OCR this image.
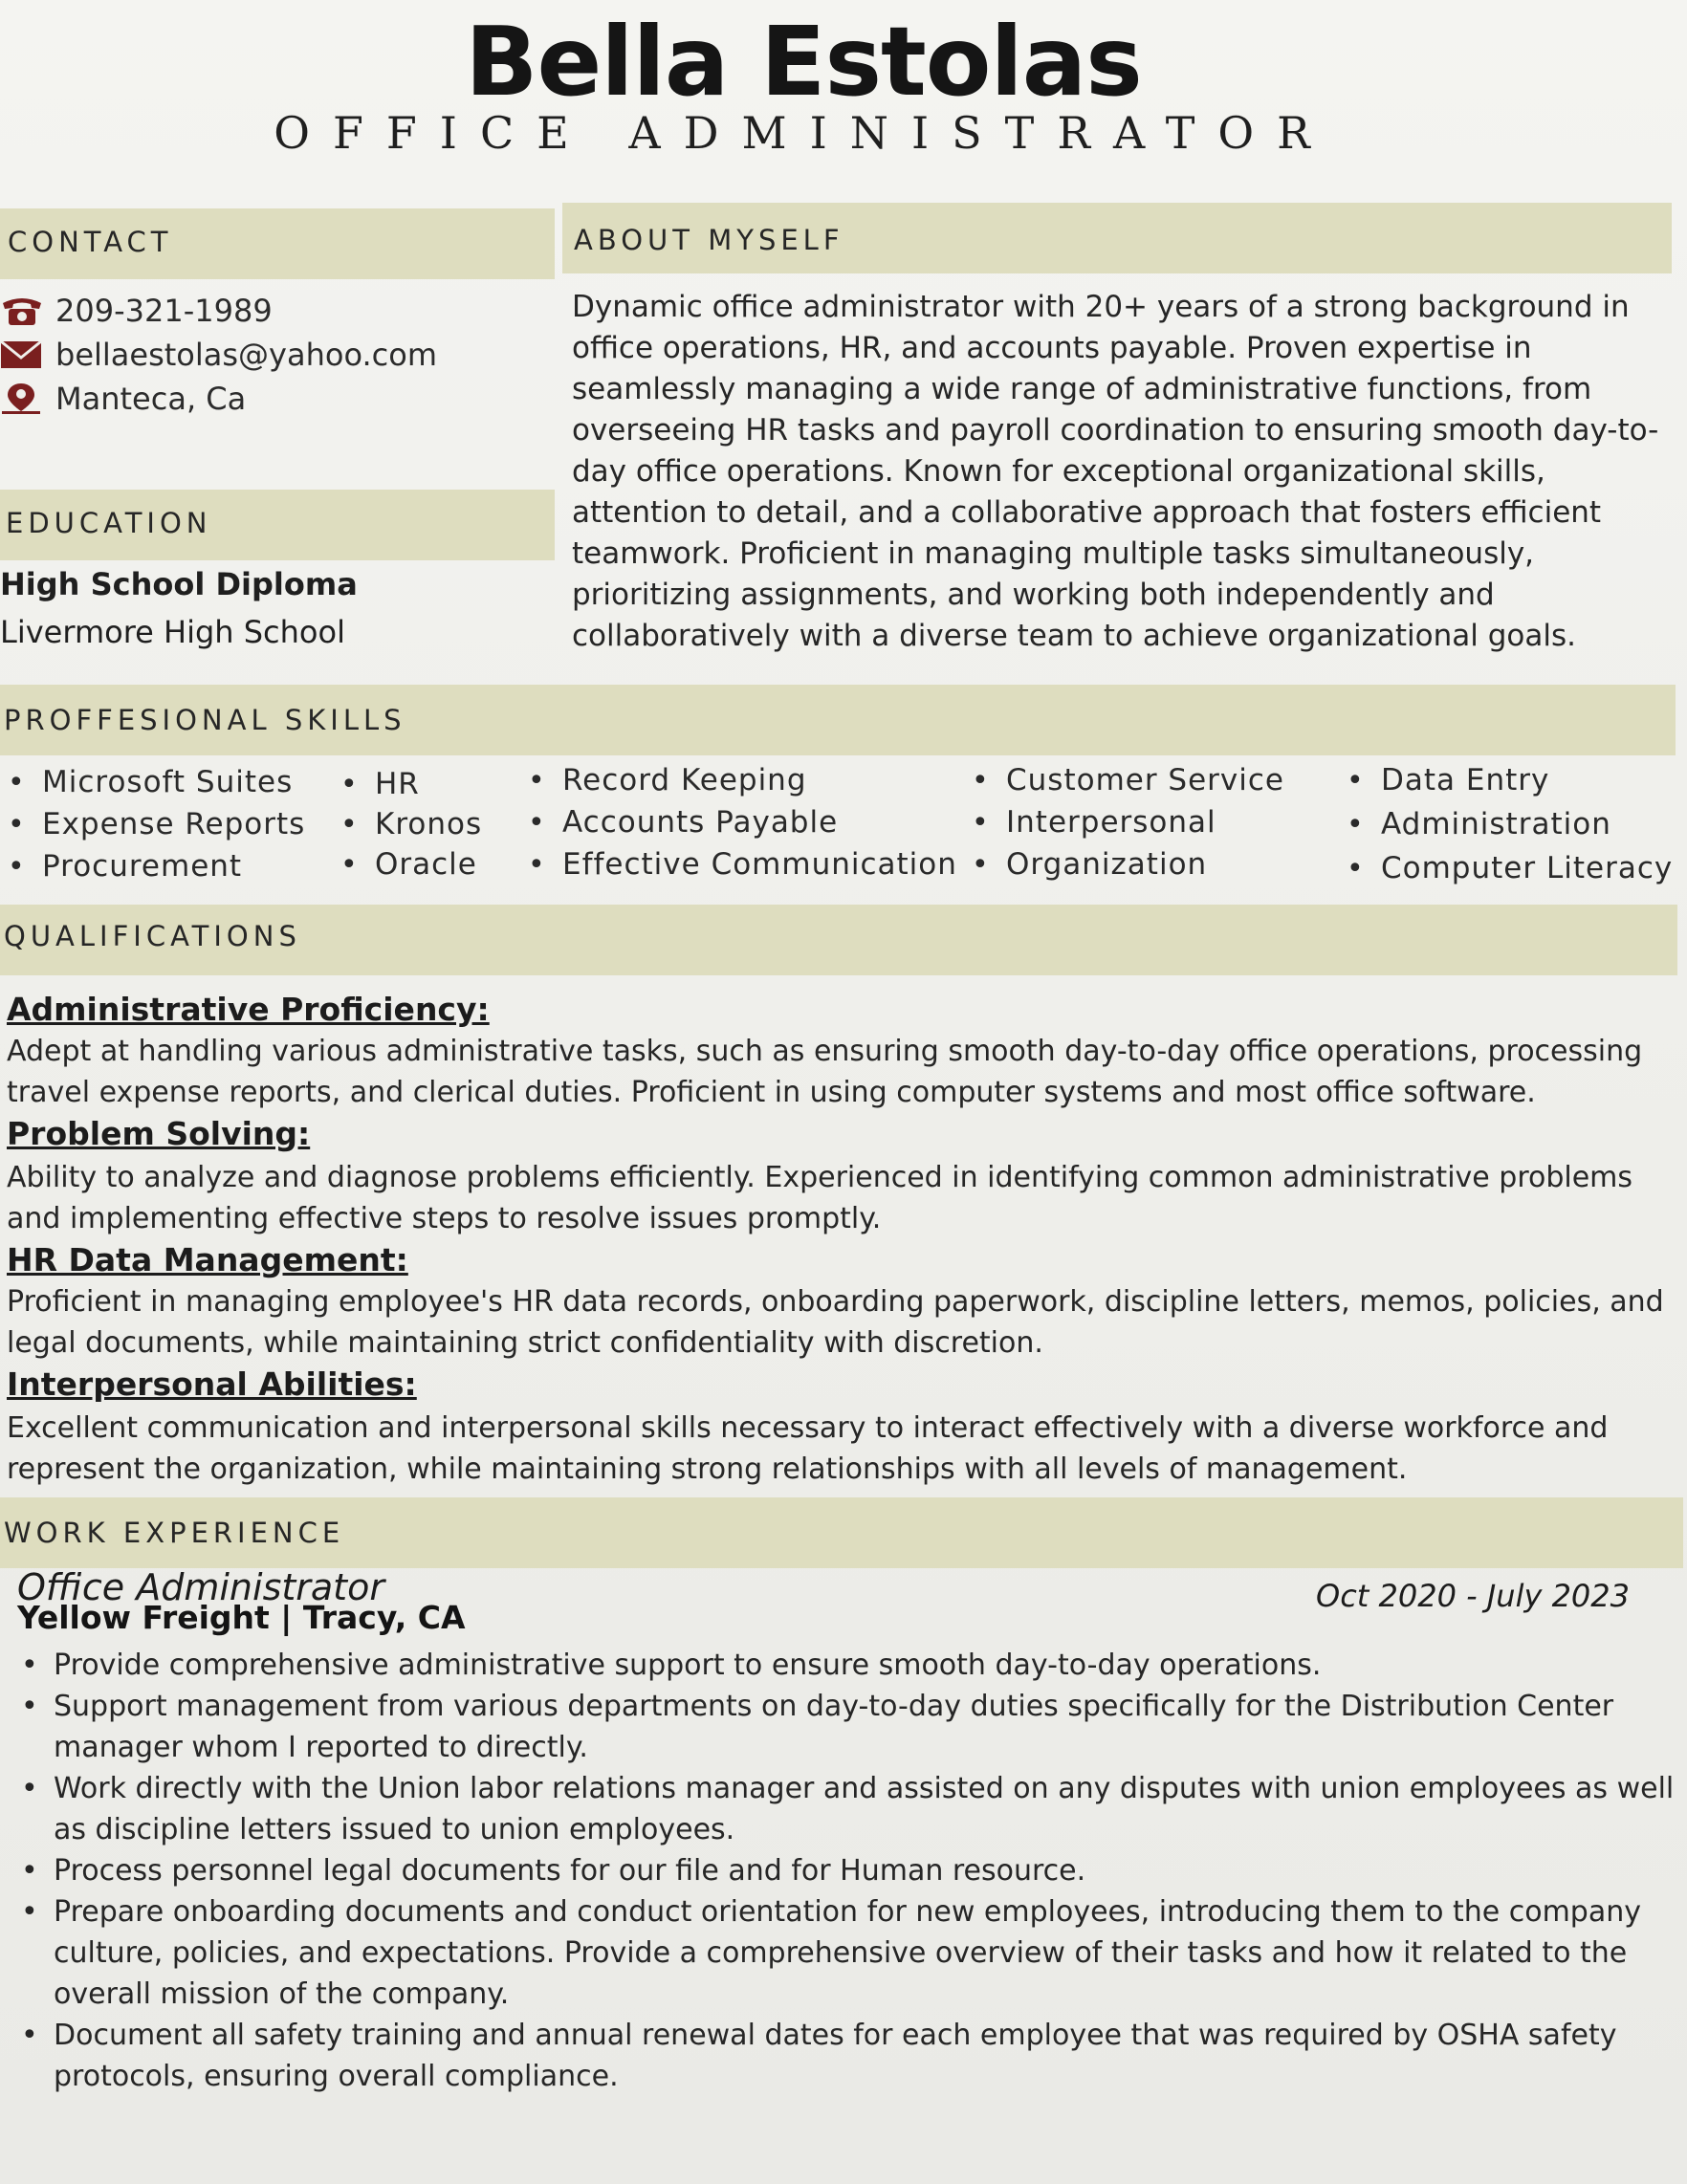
Bella Estolas
OFFICE ADMINISTRATOR
CONTACT
209-321-1989
bellaestolas@yahoo.com
Manteca, Ca
EDUCATION
High School Diploma
Livermore High School
ABOUT MYSELF
Dynamic office administrator with 20+ years of a strong background in office operations, HR, and accounts payable. Proven expertise in seamlessly managing a wide range of administrative functions, from overseeing HR tasks and payroll coordination to ensuring smooth day-to-day office operations. Known for exceptional organizational skills, attention to detail, and a collaborative approach that fosters efficient teamwork. Proficient in managing multiple tasks simultaneously, prioritizing assignments, and working both independently and collaboratively with a diverse team to achieve organizational goals.
PROFFESIONAL SKILLS
• Microsoft Suites
• Expense Reports
• Procurement
• HR
• Kronos
• Oracle
• Record Keeping
• Accounts Payable
• Effective Communication
• Customer Service
• Interpersonal
• Organization
• Data Entry
• Administration
• Computer Literacy
QUALIFICATIONS
Administrative Proficiency:
Adept at handling various administrative tasks, such as ensuring smooth day-to-day office operations, processing travel expense reports, and clerical duties. Proficient in using computer systems and most office software.
Problem Solving:
Ability to analyze and diagnose problems efficiently. Experienced in identifying common administrative problems and implementing effective steps to resolve issues promptly.
HR Data Management:
Proficient in managing employee's HR data records, onboarding paperwork, discipline letters, memos, policies, and legal documents, while maintaining strict confidentiality with discretion.
Interpersonal Abilities:
Excellent communication and interpersonal skills necessary to interact effectively with a diverse workforce and represent the organization, while maintaining strong relationships with all levels of management.
WORK EXPERIENCE
Office Administrator
Yellow Freight | Tracy, CA
Oct 2020 - July 2023
• Provide comprehensive administrative support to ensure smooth day-to-day operations.
• Support management from various departments on day-to-day duties specifically for the Distribution Center manager whom I reported to directly.
• Work directly with the Union labor relations manager and assisted on any disputes with union employees as well as discipline letters issued to union employees.
• Process personnel legal documents for our file and for Human resource.
• Prepare onboarding documents and conduct orientation for new employees, introducing them to the company culture, policies, and expectations. Provide a comprehensive overview of their tasks and how it related to the overall mission of the company.
• Document all safety training and annual renewal dates for each employee that was required by OSHA safety protocols, ensuring overall compliance.
